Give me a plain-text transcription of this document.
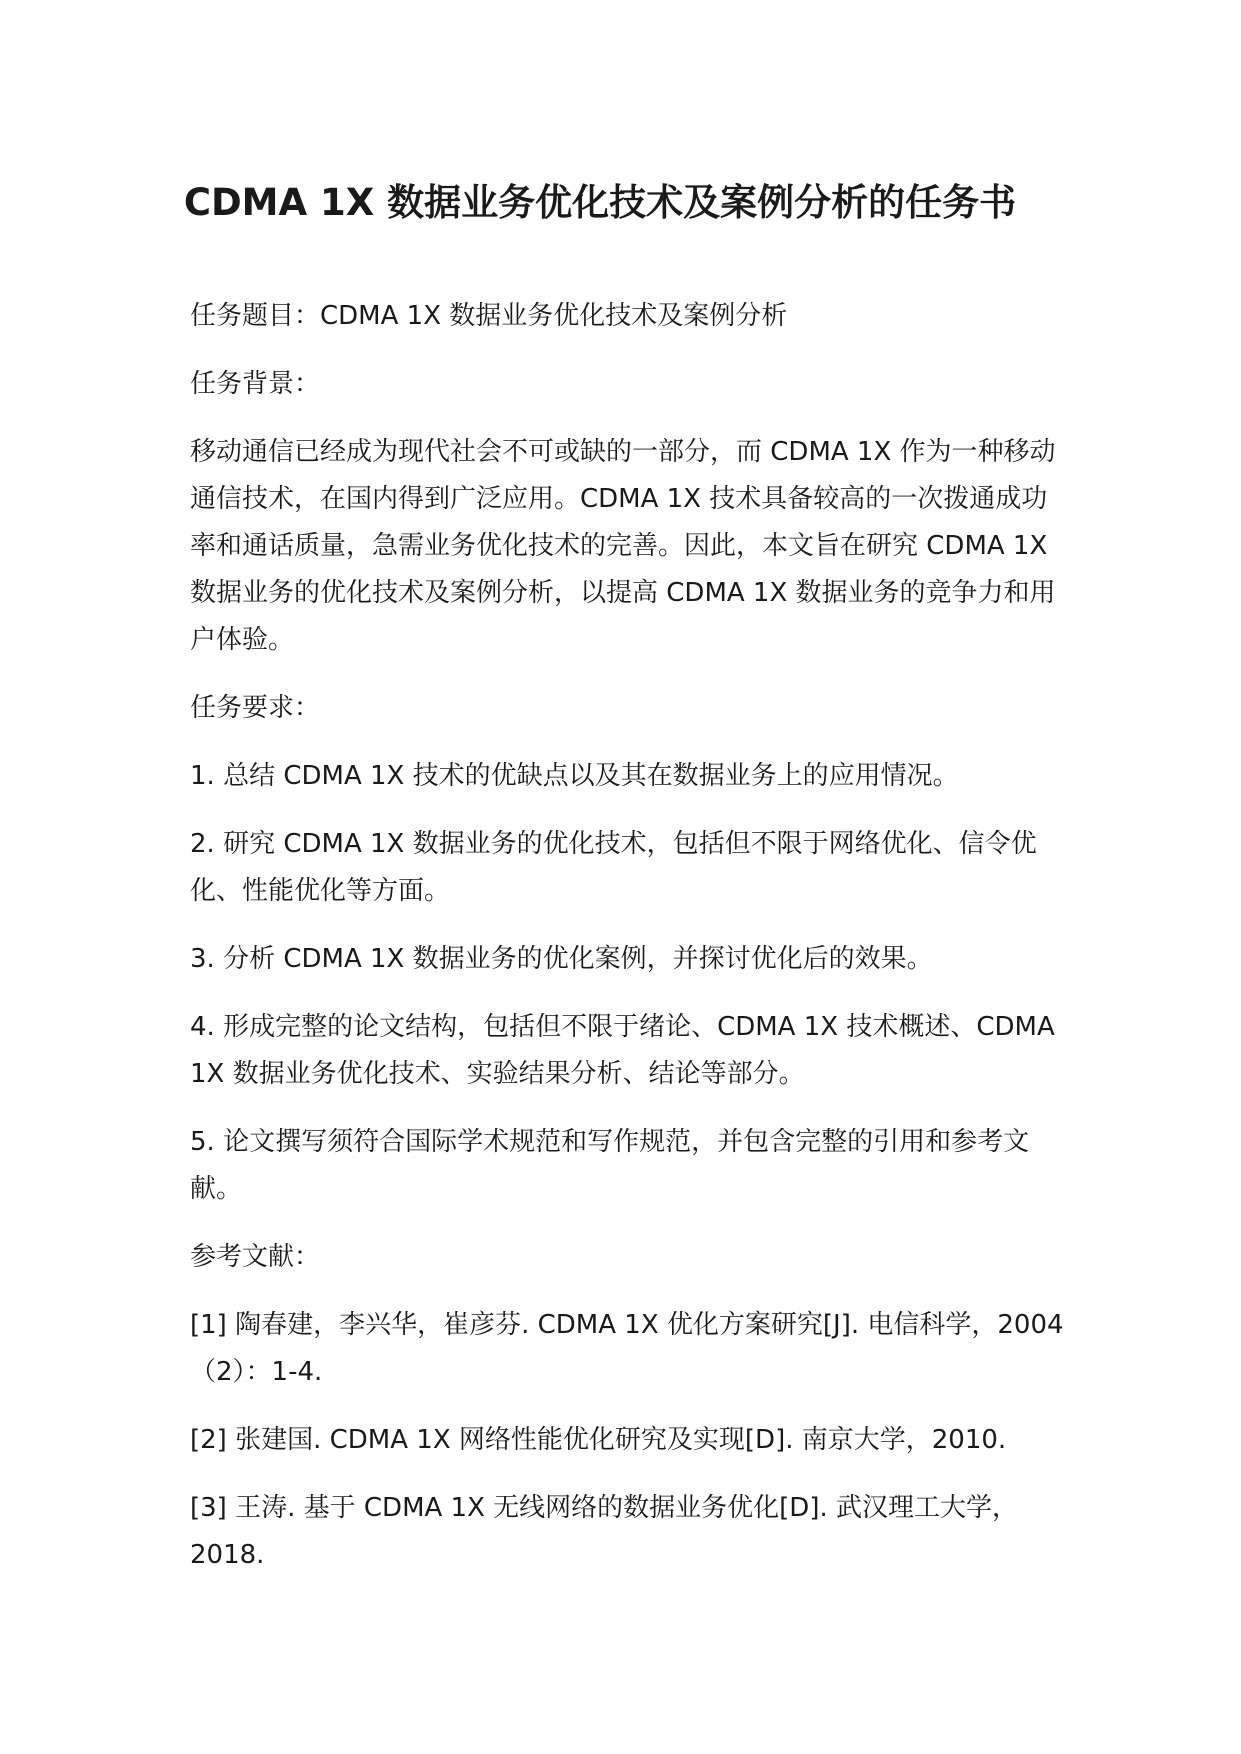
CDMA 1X 数据业务优化技术及案例分析的任务书

任务题目：CDMA 1X 数据业务优化技术及案例分析

任务背景：

移动通信已经成为现代社会不可或缺的一部分，而 CDMA 1X 作为一种移动通信技术，在国内得到广泛应用。CDMA 1X 技术具备较高的一次拨通成功率和通话质量，急需业务优化技术的完善。因此，本文旨在研究 CDMA 1X 数据业务的优化技术及案例分析，以提高 CDMA 1X 数据业务的竞争力和用户体验。

任务要求：

1. 总结 CDMA 1X 技术的优缺点以及其在数据业务上的应用情况。

2. 研究 CDMA 1X 数据业务的优化技术，包括但不限于网络优化、信令优化、性能优化等方面。

3. 分析 CDMA 1X 数据业务的优化案例，并探讨优化后的效果。

4. 形成完整的论文结构，包括但不限于绪论、CDMA 1X 技术概述、CDMA 1X 数据业务优化技术、实验结果分析、结论等部分。

5. 论文撰写须符合国际学术规范和写作规范，并包含完整的引用和参考文献。

参考文献：

[1] 陶春建，李兴华，崔彦芬. CDMA 1X 优化方案研究[J]. 电信科学，2004（2）：1-4.

[2] 张建国. CDMA 1X 网络性能优化研究及实现[D]. 南京大学，2010.

[3] 王涛. 基于 CDMA 1X 无线网络的数据业务优化[D]. 武汉理工大学，2018.
